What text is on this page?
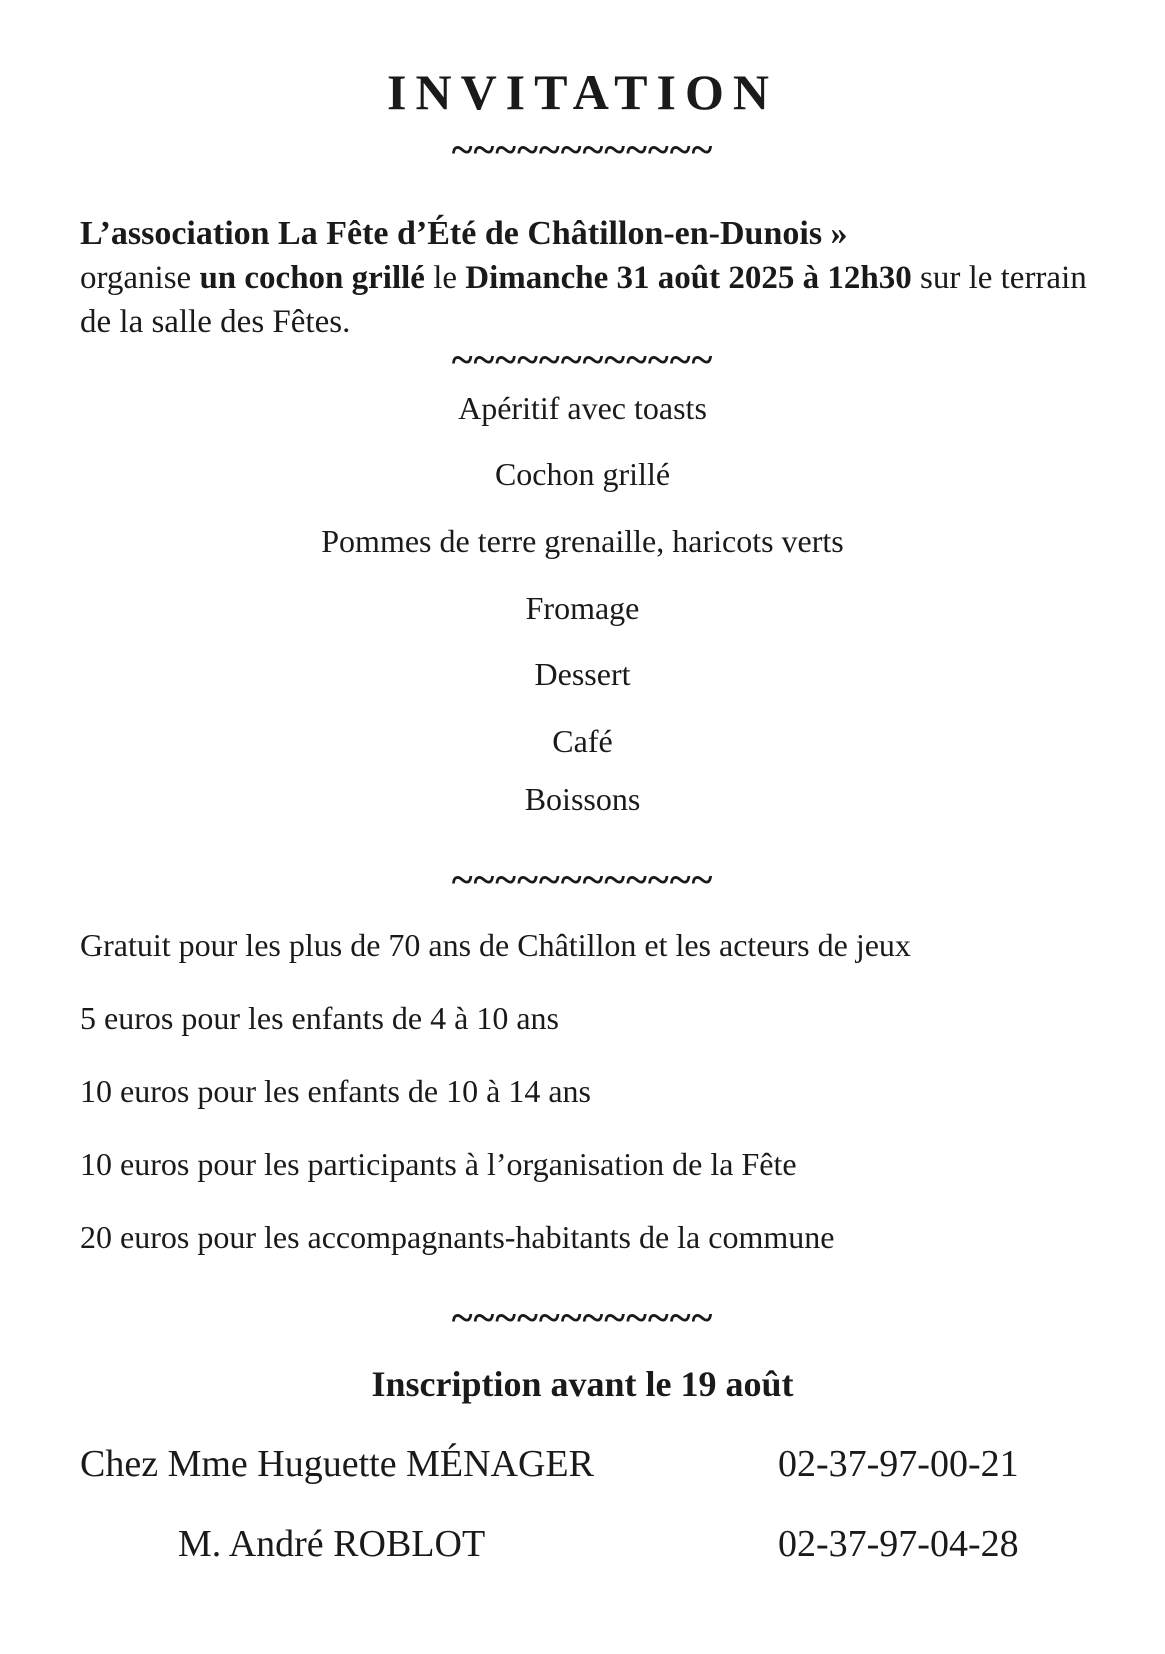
INVITATION
~~~~~~~~~~~~
L’association La Fête d’Été de Châtillon-en-Dunois »
organise un cochon grillé le Dimanche 31 août 2025 à 12h30 sur le terrain de la salle des Fêtes.
~~~~~~~~~~~~
Apéritif avec toasts
Cochon grillé
Pommes de terre grenaille, haricots verts
Fromage
Dessert
Café
Boissons
~~~~~~~~~~~~
Gratuit pour les plus de 70 ans de Châtillon et les acteurs de jeux
5 euros pour les enfants de 4 à 10 ans
10 euros pour les enfants de 10 à 14 ans
10 euros pour les participants à l’organisation de la Fête
20 euros pour les accompagnants-habitants de la commune
~~~~~~~~~~~~
Inscription avant le 19 août
Chez Mme Huguette MÉNAGER	02-37-97-00-21
M. André ROBLOT	02-37-97-04-28
